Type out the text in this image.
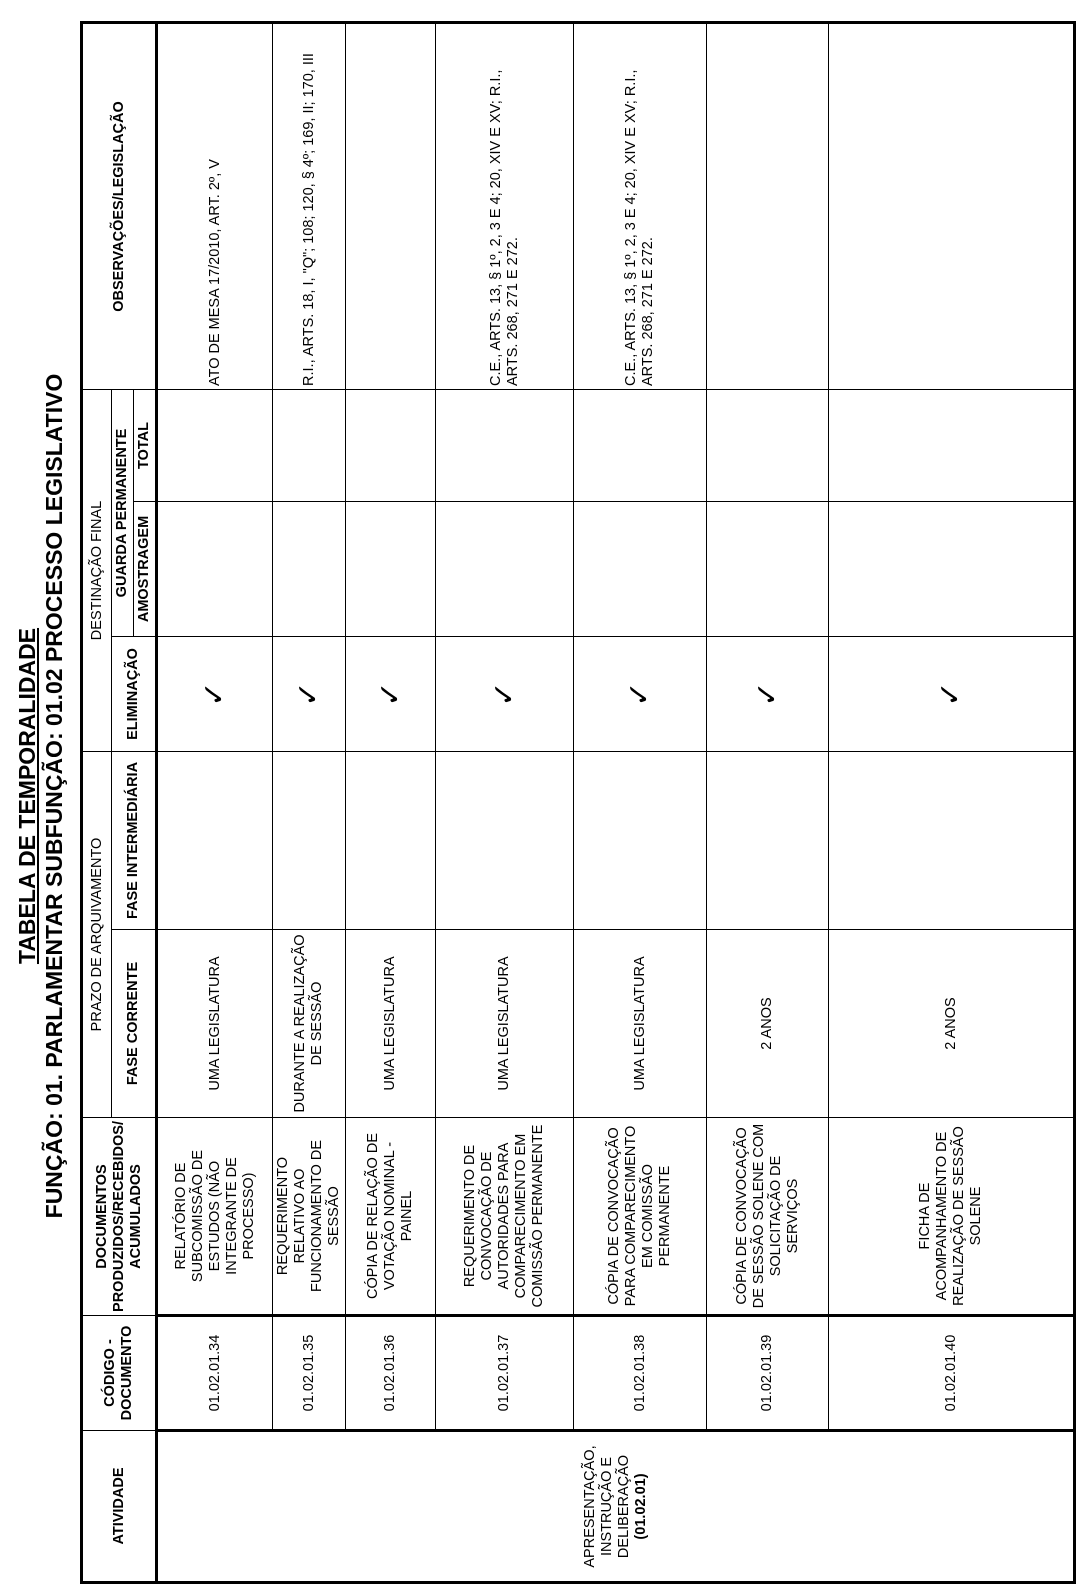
TABELA DE TEMPORALIDADE FUNÇÃO: 01. PARLAMENTAR SUBFUNÇÃO: 01.02 PROCESSO LEGISLATIVO
ATIVIDADE	CÓDIGO - DOCUMENTO	DOCUMENTOS PRODUZIDOS/RECEBIDOS/ ACUMULADOS	PRAZO DE ARQUIVAMENTO		DESTINAÇÃO FINAL			OBSERVAÇÕES/LEGISLAÇÃO
			FASE CORRENTE	FASE INTERMEDIÁRIA	ELIMINAÇÃO	GUARDA PERMANENTE		
						AMOSTRAGEM	TOTAL	

APRESENTAÇÃO, INSTRUÇÃO E DELIBERAÇÃO (01.02.01)	01.02.01.34	RELATÓRIO DE SUBCOMISSÃO DE ESTUDOS (NÃO INTEGRANTE DE PROCESSO)	UMA LEGISLATURA		✓			ATO DE MESA 17/2010, ART. 2º, V
	01.02.01.35	REQUERIMENTO RELATIVO AO FUNCIONAMENTO DE SESSÃO	DURANTE A REALIZAÇÃO DE SESSÃO		✓			R.I., ARTS. 18, I, "Q"; 108; 120, § 4º; 169, II; 170, III
	01.02.01.36	CÓPIA DE RELAÇÃO DE VOTAÇÃO NOMINAL - PAINEL	UMA LEGISLATURA		✓			
	01.02.01.37	REQUERIMENTO DE CONVOCAÇÃO DE AUTORIDADES PARA COMPARECIMENTO EM COMISSÃO PERMANENTE	UMA LEGISLATURA		✓			C.E., ARTS. 13, § 1º, 2, 3 E 4; 20, XIV E XV; R.I., ARTS. 268, 271 E 272.
	01.02.01.38	CÓPIA DE CONVOCAÇÃO PARA COMPARECIMENTO EM COMISSÃO PERMANENTE	UMA LEGISLATURA		✓			C.E., ARTS. 13, § 1º, 2, 3 E 4; 20, XIV E XV; R.I., ARTS. 268, 271 E 272.
	01.02.01.39	CÓPIA DE CONVOCAÇÃO DE SESSÃO SOLENE COM SOLICITAÇÃO DE SERVIÇOS	2 ANOS		✓			
	01.02.01.40	FICHA DE ACOMPANHAMENTO DE REALIZAÇÃO DE SESSÃO SOLENE	2 ANOS		✓			
